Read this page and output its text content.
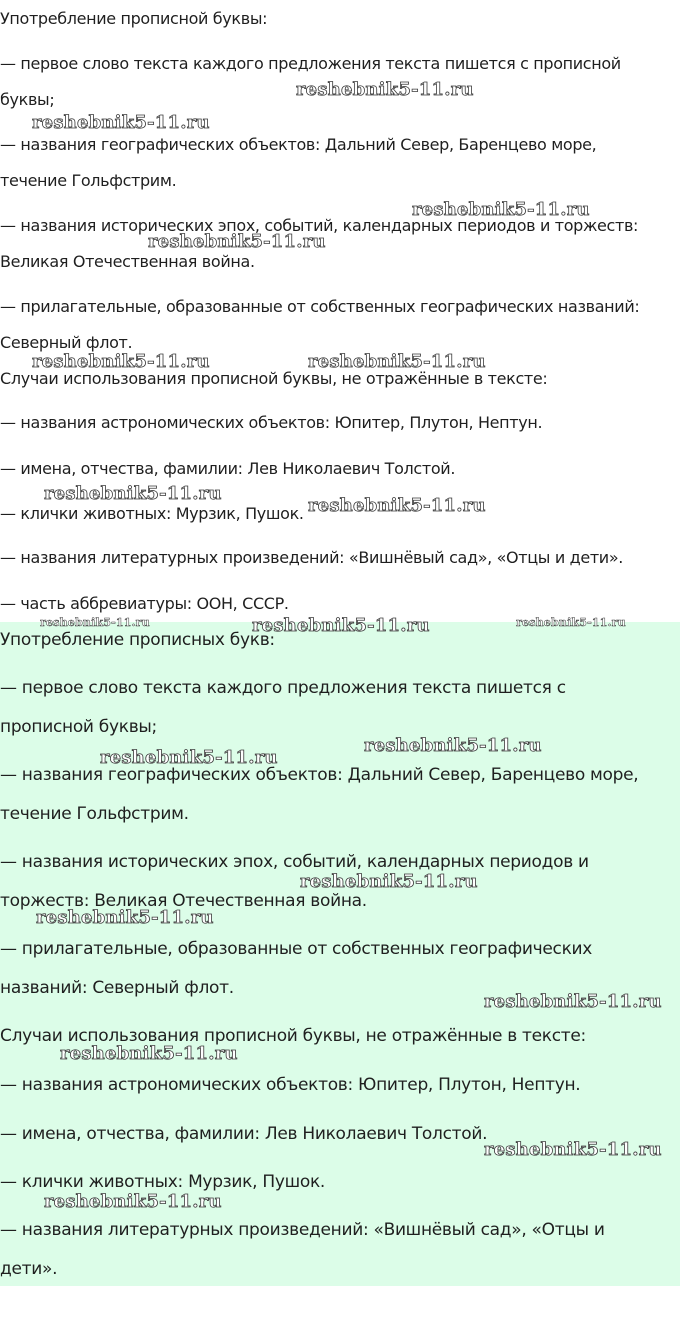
Употребление прописной буквы:
— первое слово текста каждого предложения текста пишется с прописной
буквы;
— названия географических объектов: Дальний Север, Баренцево море,
течение Гольфстрим.
— названия исторических эпох, событий, календарных периодов и торжеств:
Великая Отечественная война.
— прилагательные, образованные от собственных географических названий:
Северный флот.
Случаи использования прописной буквы, не отражённые в тексте:
— названия астрономических объектов: Юпитер, Плутон, Нептун.
— имена, отчества, фамилии: Лев Николаевич Толстой.
— клички животных: Мурзик, Пушок.
— названия литературных произведений: «Вишнёвый сад», «Отцы и дети».
— часть аббревиатуры: ООН, СССР.
Употребление прописных букв:
— первое слово текста каждого предложения текста пишется с
прописной буквы;
— названия географических объектов: Дальний Север, Баренцево море,
течение Гольфстрим.
— названия исторических эпох, событий, календарных периодов и
торжеств: Великая Отечественная война.
— прилагательные, образованные от собственных географических
названий: Северный флот.
Случаи использования прописной буквы, не отражённые в тексте:
— названия астрономических объектов: Юпитер, Плутон, Нептун.
— имена, отчества, фамилии: Лев Николаевич Толстой.
— клички животных: Мурзик, Пушок.
— названия литературных произведений: «Вишнёвый сад», «Отцы и
дети».
reshebnik5-11.ru
reshebnik5-11.ru
reshebnik5-11.ru
reshebnik5-11.ru
reshebnik5-11.ru	reshebnik5-11.ru
reshebnik5-11.ru
reshebnik5-11.ru
reshebnik5-11.ru	reshebnik5-11.ru	reshebnik5-11.ru
reshebnik5-11.ru
reshebnik5-11.ru
reshebnik5-11.ru
reshebnik5-11.ru
reshebnik5-11.ru
reshebnik5-11.ru
reshebnik5-11.ru
reshebnik5-11.ru
